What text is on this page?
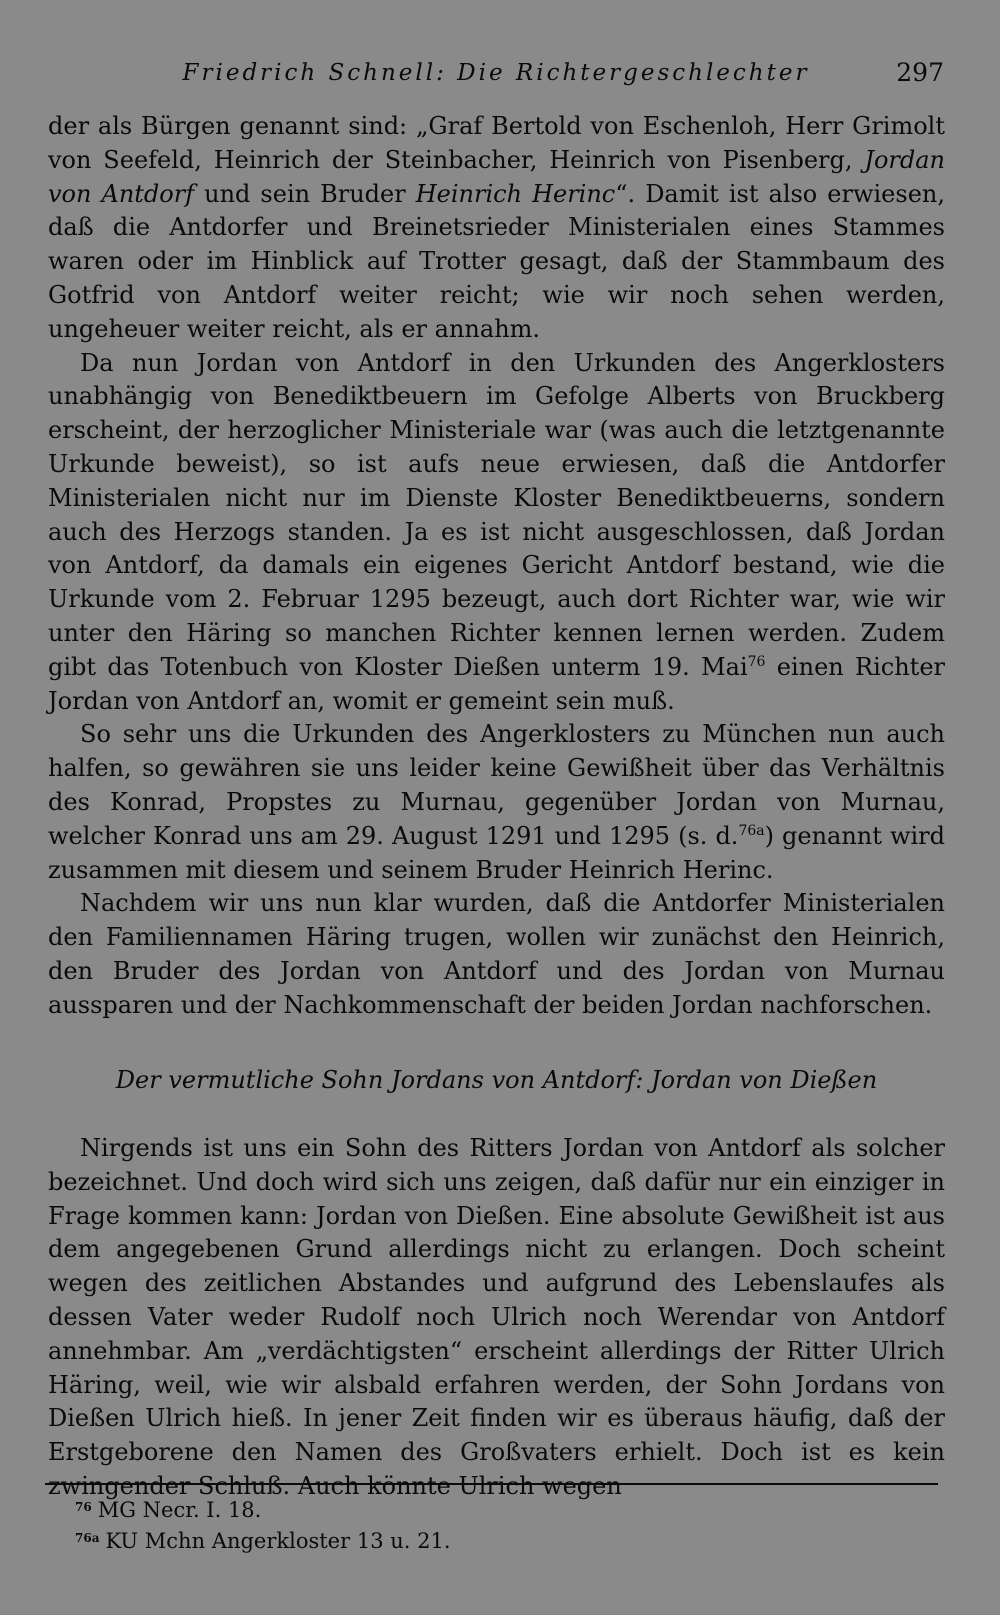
Friedrich Schnell: Die Richtergeschlechter	297

der als Bürgen genannt sind: „Graf Bertold von Eschenloh, Herr Grimolt von Seefeld, Heinrich der Steinbacher, Heinrich von Pisenberg, Jordan von Antdorf und sein Bruder Heinrich Herinc“. Damit ist also erwiesen, daß die Antdorfer und Breinetsrieder Ministerialen eines Stammes waren oder im Hinblick auf Trotter gesagt, daß der Stammbaum des Gotfrid von Antdorf weiter reicht; wie wir noch sehen werden, ungeheuer weiter reicht, als er annahm.

Da nun Jordan von Antdorf in den Urkunden des Angerklosters unabhängig von Benediktbeuern im Gefolge Alberts von Bruckberg erscheint, der herzoglicher Ministeriale war (was auch die letztgenannte Urkunde beweist), so ist aufs neue erwiesen, daß die Antdorfer Ministerialen nicht nur im Dienste Kloster Benediktbeuerns, sondern auch des Herzogs standen. Ja es ist nicht ausgeschlossen, daß Jordan von Antdorf, da damals ein eigenes Gericht Antdorf bestand, wie die Urkunde vom 2. Februar 1295 bezeugt, auch dort Richter war, wie wir unter den Häring so manchen Richter kennen lernen werden. Zudem gibt das Totenbuch von Kloster Dießen unterm 19. Mai$^{76}$ einen Richter Jordan von Antdorf an, womit er gemeint sein muß.

So sehr uns die Urkunden des Angerklosters zu München nun auch halfen, so gewähren sie uns leider keine Gewißheit über das Verhältnis des Konrad, Propstes zu Murnau, gegenüber Jordan von Murnau, welcher Konrad uns am 29. August 1291 und 1295 (s. d.$^{76a}$) genannt wird zusammen mit diesem und seinem Bruder Heinrich Herinc.

Nachdem wir uns nun klar wurden, daß die Antdorfer Ministerialen den Familiennamen Häring trugen, wollen wir zunächst den Heinrich, den Bruder des Jordan von Antdorf und des Jordan von Murnau aussparen und der Nachkommenschaft der beiden Jordan nachforschen.

Der vermutliche Sohn Jordans von Antdorf: Jordan von Dießen

Nirgends ist uns ein Sohn des Ritters Jordan von Antdorf als solcher bezeichnet. Und doch wird sich uns zeigen, daß dafür nur ein einziger in Frage kommen kann: Jordan von Dießen. Eine absolute Gewißheit ist aus dem angegebenen Grund allerdings nicht zu erlangen. Doch scheint wegen des zeitlichen Abstandes und aufgrund des Lebenslaufes als dessen Vater weder Rudolf noch Ulrich noch Werendar von Antdorf annehmbar. Am „verdächtigsten“ erscheint allerdings der Ritter Ulrich Häring, weil, wie wir alsbald erfahren werden, der Sohn Jordans von Dießen Ulrich hieß. In jener Zeit finden wir es überaus häufig, daß der Erstgeborene den Namen des Großvaters erhielt. Doch ist es kein zwingender Schluß. Auch könnte Ulrich wegen

$^{76}$ MG Necr. I. 18.

$^{76a}$ KU Mchn Angerkloster 13 u. 21.
